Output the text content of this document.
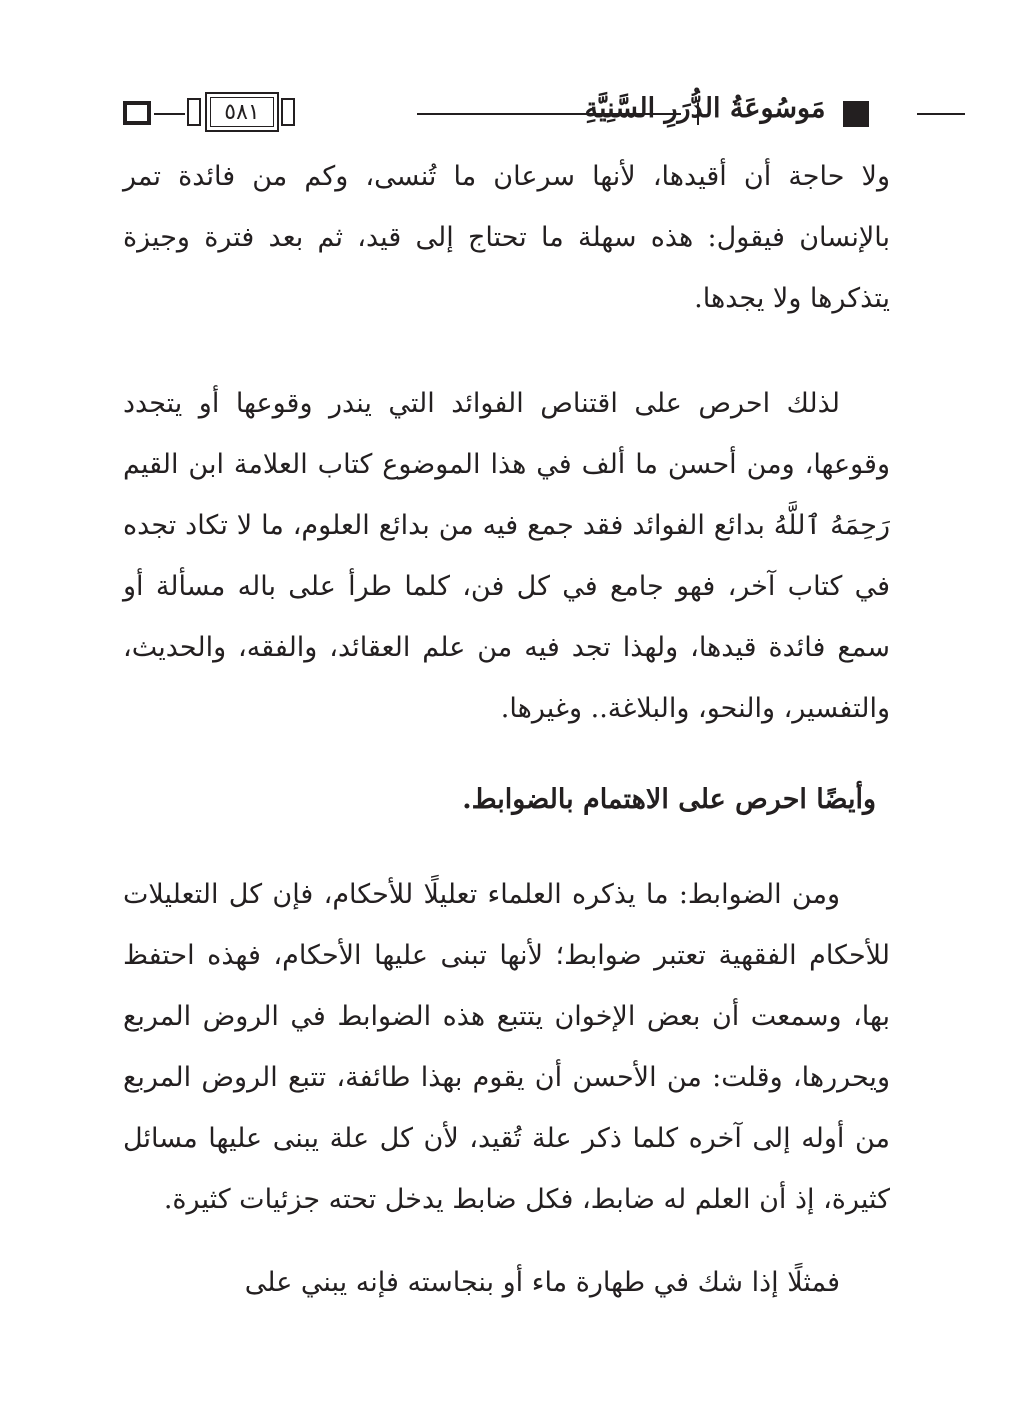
٥٨١	مَوسُوعَةُ الدُّرَرِ السَّنِيَّةِ

ولا حاجة أن أقيدها، لأنها سرعان ما تُنسى، وكم من فائدة تمر بالإنسان فيقول: هذه سهلة ما تحتاج إلى قيد، ثم بعد فترة وجيزة يتذكرها ولا يجدها.

لذلك احرص على اقتناص الفوائد التي يندر وقوعها أو يتجدد وقوعها، ومن أحسن ما ألف في هذا الموضوع كتاب العلامة ابن القيم رَحِمَهُ ٱللَّهُ بدائع الفوائد فقد جمع فيه من بدائع العلوم، ما لا تكاد تجده في كتاب آخر، فهو جامع في كل فن، كلما طرأ على باله مسألة أو سمع فائدة قيدها، ولهذا تجد فيه من علم العقائد، والفقه، والحديث، والتفسير، والنحو، والبلاغة.. وغيرها.

وأيضًا احرص على الاهتمام بالضوابط.

ومن الضوابط: ما يذكره العلماء تعليلًا للأحكام، فإن كل التعليلات للأحكام الفقهية تعتبر ضوابط؛ لأنها تبنى عليها الأحكام، فهذه احتفظ بها، وسمعت أن بعض الإخوان يتتبع هذه الضوابط في الروض المربع ويحررها، وقلت: من الأحسن أن يقوم بهذا طائفة، تتبع الروض المربع من أوله إلى آخره كلما ذكر علة تُقيد، لأن كل علة يبنى عليها مسائل كثيرة، إذ أن العلم له ضابط، فكل ضابط يدخل تحته جزئيات كثيرة.

فمثلًا إذا شك في طهارة ماء أو بنجاسته فإنه يبني على
